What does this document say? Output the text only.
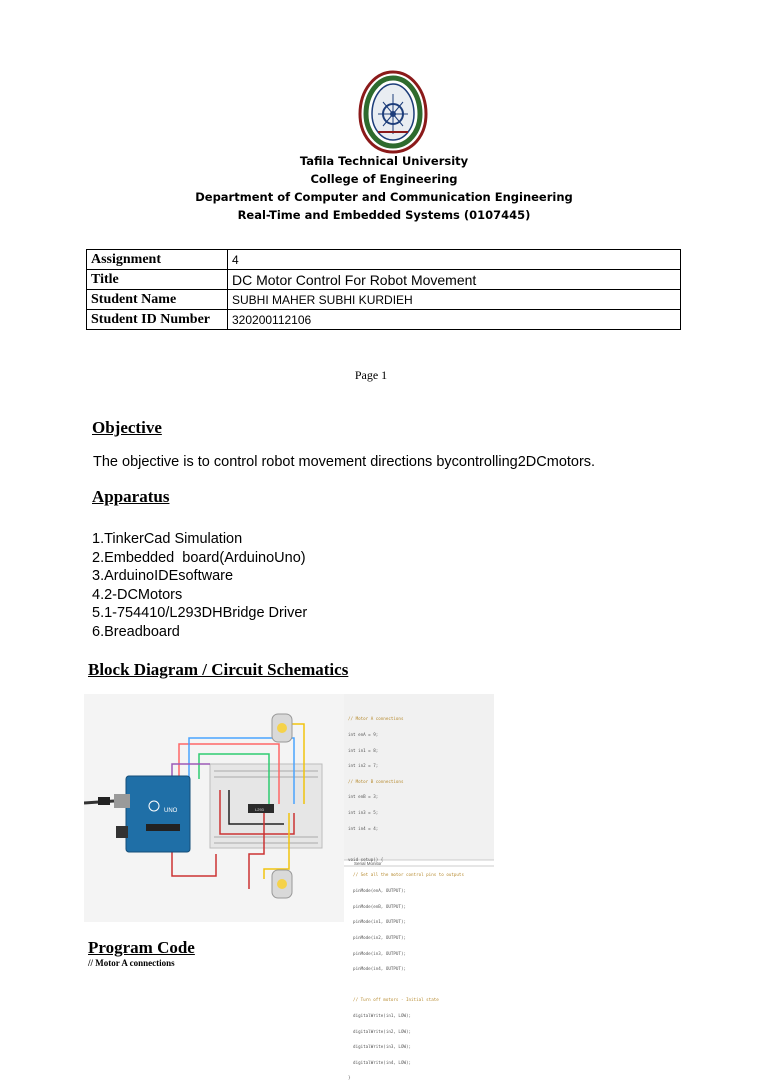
Tafila Technical University
College of Engineering
Department of Computer and Communication Engineering
Real-Time and Embedded Systems (0107445)
Assignment	4
Title	DC Motor Control For Robot Movement
Student Name	SUBHI MAHER SUBHI KURDIEH
Student ID Number	320200112106
Page 1
Objective
The objective is to control robot movement directions bycontrolling2DCmotors.
Apparatus
1.TinkerCad Simulation
2.Embedded  board(ArduinoUno)
3.ArduinoIDEsoftware
4.2-DCMotors
5.1-754410/L293DHBridge Driver
6.Breadboard
Block Diagram / Circuit Schematics
L293
UNO

// Motor A connections

int enA = 9;

int in1 = 8;

int in2 = 7;

// Motor B connections

int enB = 3;

int in3 = 5;

int in4 = 4;

void setup() {

// Set all the motor control pins to outputs

pinMode(enA, OUTPUT);

pinMode(enB, OUTPUT);

pinMode(in1, OUTPUT);

pinMode(in2, OUTPUT);

pinMode(in3, OUTPUT);

pinMode(in4, OUTPUT);

// Turn off motors - Initial state

digitalWrite(in1, LOW);

digitalWrite(in2, LOW);

digitalWrite(in3, LOW);

digitalWrite(in4, LOW);

}

Serial Monitor
Program Code
// Motor A connections
